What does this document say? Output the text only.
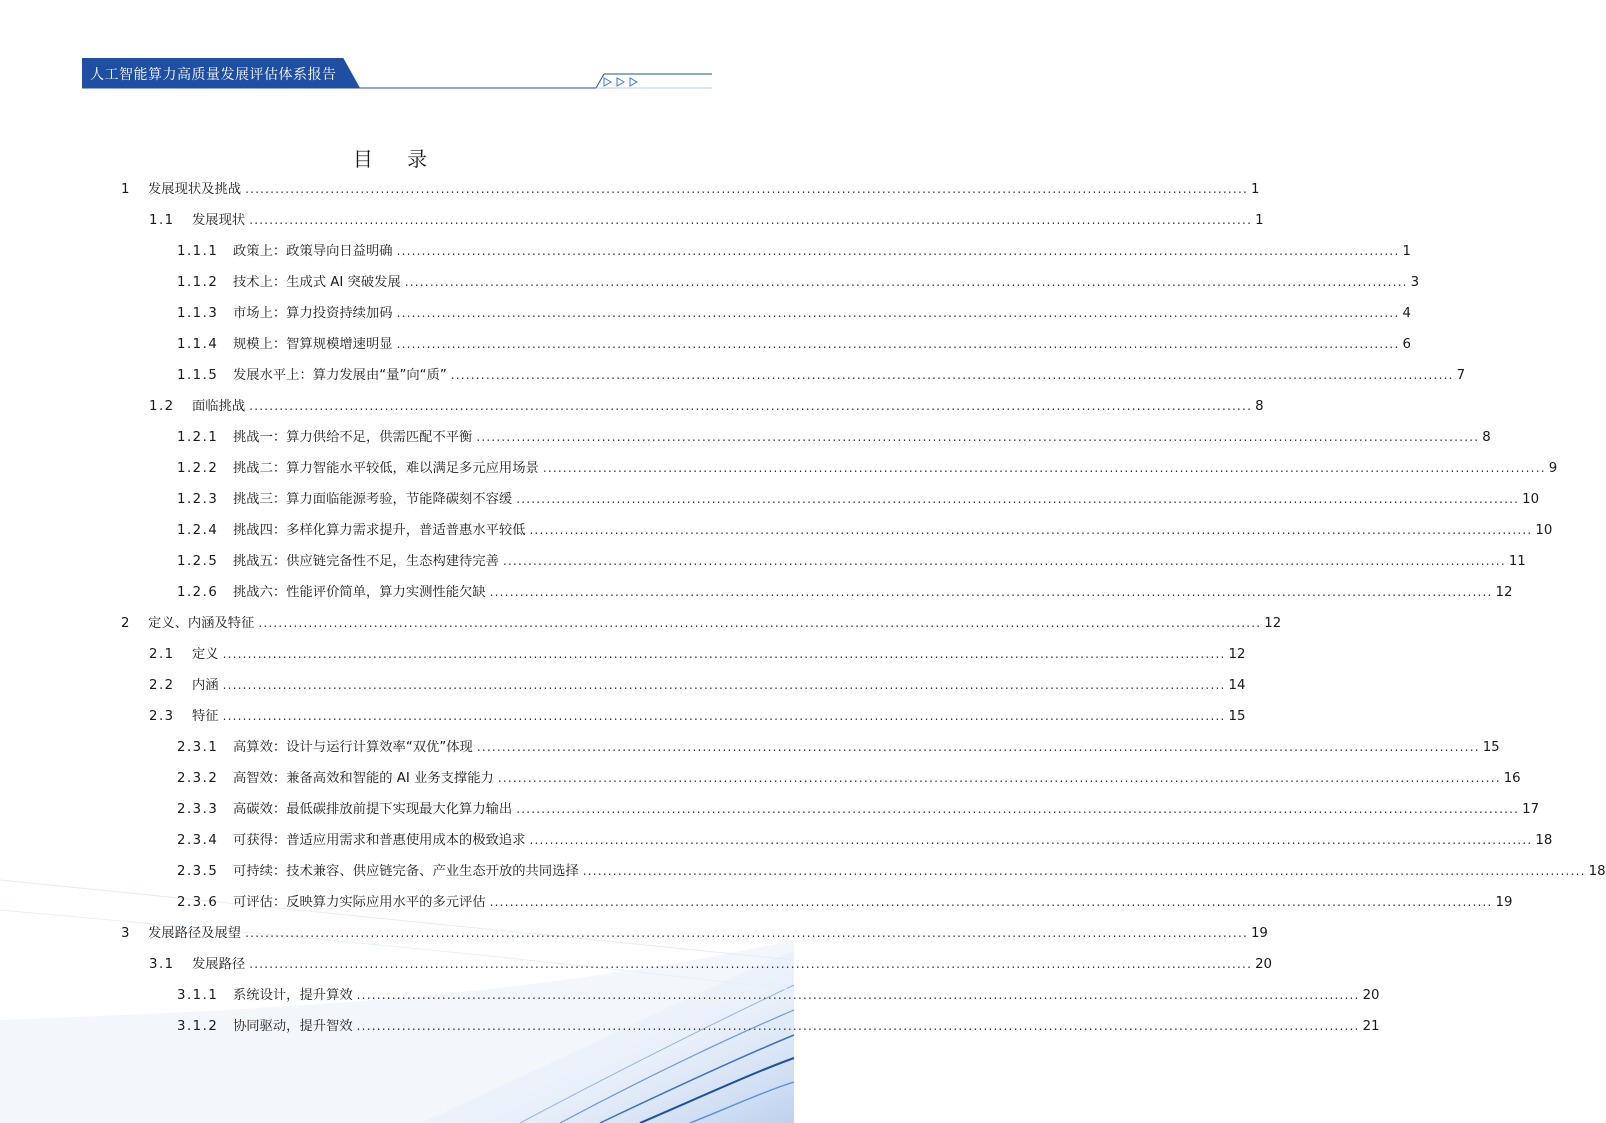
人工智能算力高质量发展评估体系报告
目 录
1	发展现状及挑战 ........................................................................................................................................................................................................ 1
1.1	发展现状 ........................................................................................................................................................................................................ 1
1.1.1	政策上：政策导向日益明确 ........................................................................................................................................................................................................ 1
1.1.2	技术上：生成式 AI 突破发展 ........................................................................................................................................................................................................ 3
1.1.3	市场上：算力投资持续加码 ........................................................................................................................................................................................................ 4
1.1.4	规模上：智算规模增速明显 ........................................................................................................................................................................................................ 6
1.1.5	发展水平上：算力发展由“量”向“质” ........................................................................................................................................................................................................ 7
1.2	面临挑战 ........................................................................................................................................................................................................ 8
1.2.1	挑战一：算力供给不足，供需匹配不平衡 ........................................................................................................................................................................................................ 8
1.2.2	挑战二：算力智能水平较低，难以满足多元应用场景 ........................................................................................................................................................................................................ 9
1.2.3	挑战三：算力面临能源考验，节能降碳刻不容缓 ........................................................................................................................................................................................................ 10
1.2.4	挑战四：多样化算力需求提升，普适普惠水平较低 ........................................................................................................................................................................................................ 10
1.2.5	挑战五：供应链完备性不足，生态构建待完善 ........................................................................................................................................................................................................ 11
1.2.6	挑战六：性能评价简单，算力实测性能欠缺 ........................................................................................................................................................................................................ 12
2	定义、内涵及特征 ........................................................................................................................................................................................................ 12
2.1	定义 ........................................................................................................................................................................................................ 12
2.2	内涵 ........................................................................................................................................................................................................ 14
2.3	特征 ........................................................................................................................................................................................................ 15
2.3.1	高算效：设计与运行计算效率“双优”体现 ........................................................................................................................................................................................................ 15
2.3.2	高智效：兼备高效和智能的 AI 业务支撑能力 ........................................................................................................................................................................................................ 16
2.3.3	高碳效：最低碳排放前提下实现最大化算力输出 ........................................................................................................................................................................................................ 17
2.3.4	可获得：普适应用需求和普惠使用成本的极致追求 ........................................................................................................................................................................................................ 18
2.3.5	可持续：技术兼容、供应链完备、产业生态开放的共同选择 ........................................................................................................................................................................................................ 18
2.3.6	可评估：反映算力实际应用水平的多元评估 ........................................................................................................................................................................................................ 19
3	发展路径及展望 ........................................................................................................................................................................................................ 19
3.1	发展路径 ........................................................................................................................................................................................................ 20
3.1.1	系统设计，提升算效 ........................................................................................................................................................................................................ 20
3.1.2	协同驱动，提升智效 ........................................................................................................................................................................................................ 21
